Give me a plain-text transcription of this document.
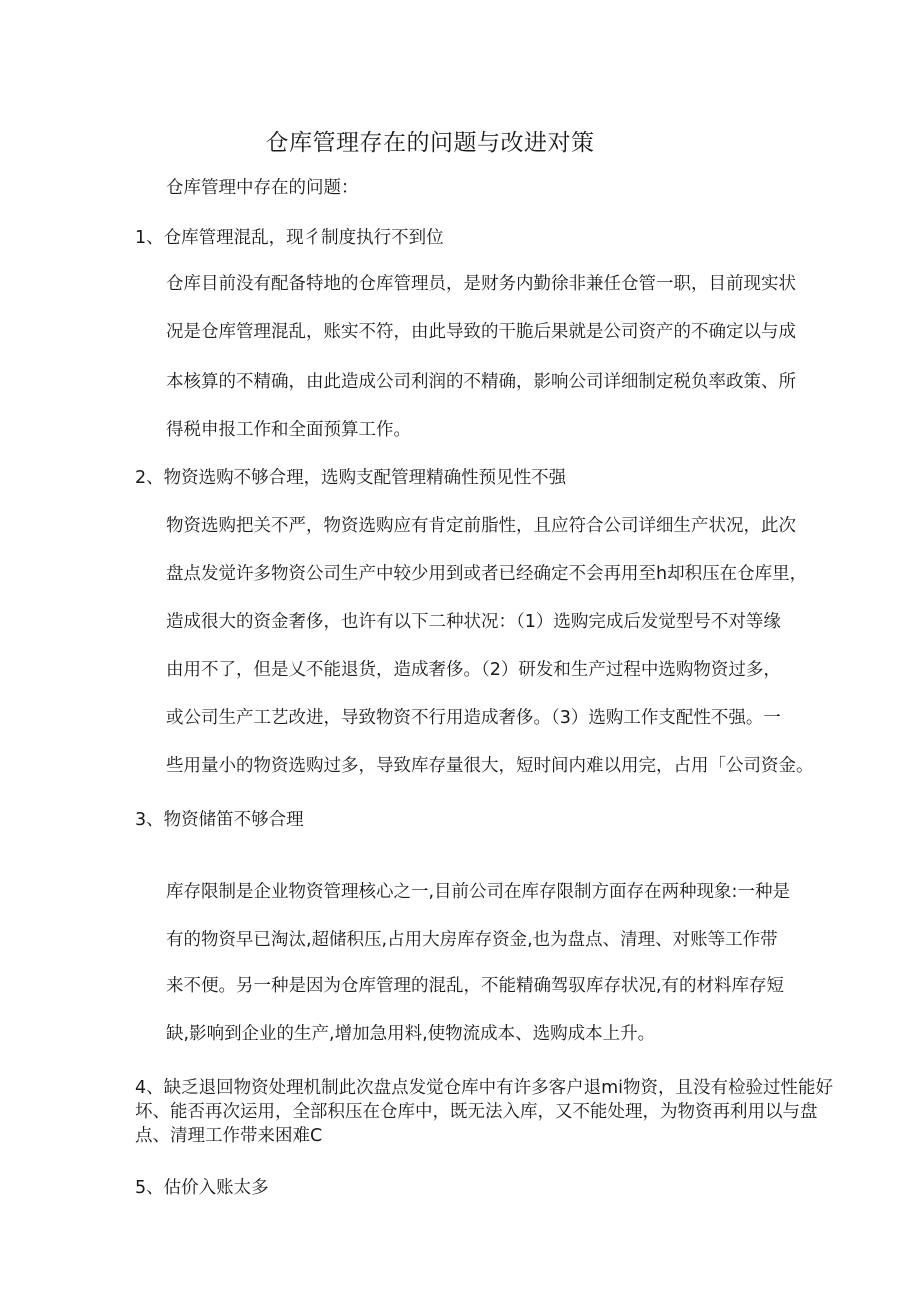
仓库管理存在的问题与改进对策
仓库管理中存在的问题：
1、仓库管理混乱，现彳制度执行不到位
仓库目前没有配备特地的仓库管理员，是财务内勤徐非兼任仓管一职，目前现实状
况是仓库管理混乱，账实不符，由此导致的干脆后果就是公司资产的不确定以与成
本核算的不精确，由此造成公司利润的不精确，影响公司详细制定税负率政策、所
得税申报工作和全面预算工作。
2、物资选购不够合理，选购支配管理精确性预见性不强
物资选购把关不严，物资选购应有肯定前脂性，且应符合公司详细生产状况，此次
盘点发觉许多物资公司生产中较少用到或者已经确定不会再用至h却积压在仓库里，
造成很大的资金奢侈，也许有以下二种状况：（1）选购完成后发觉型号不对等缘
由用不了，但是乂不能退货，造成奢侈。（2）研发和生产过程中选购物资过多，
或公司生产工艺改进，导致物资不行用造成奢侈。（3）选购工作支配性不强。一
些用量小的物资选购过多，导致库存量很大，短时间内难以用完，占用「公司资金。
3、物资储笛不够合理
库存限制是企业物资管理核心之一,目前公司在库存限制方面存在两种现象:一种是
有的物资早已淘汰,超储积压,占用大房库存资金,也为盘点、清理、对账等工作带
来不便。另一种是因为仓库管理的混乱，不能精确驾驭库存状况,有的材料库存短
缺,影响到企业的生产,增加急用料,使物流成本、选购成本上升。
4、缺乏退回物资处理机制此次盘点发觉仓库中有许多客户退mi物资，且没有检验过性能好坏、能否再次运用，全部积压在仓库中，既无法入库，又不能处理，为物资再利用以与盘点、清理工作带来困难C
5、估价入账太多
